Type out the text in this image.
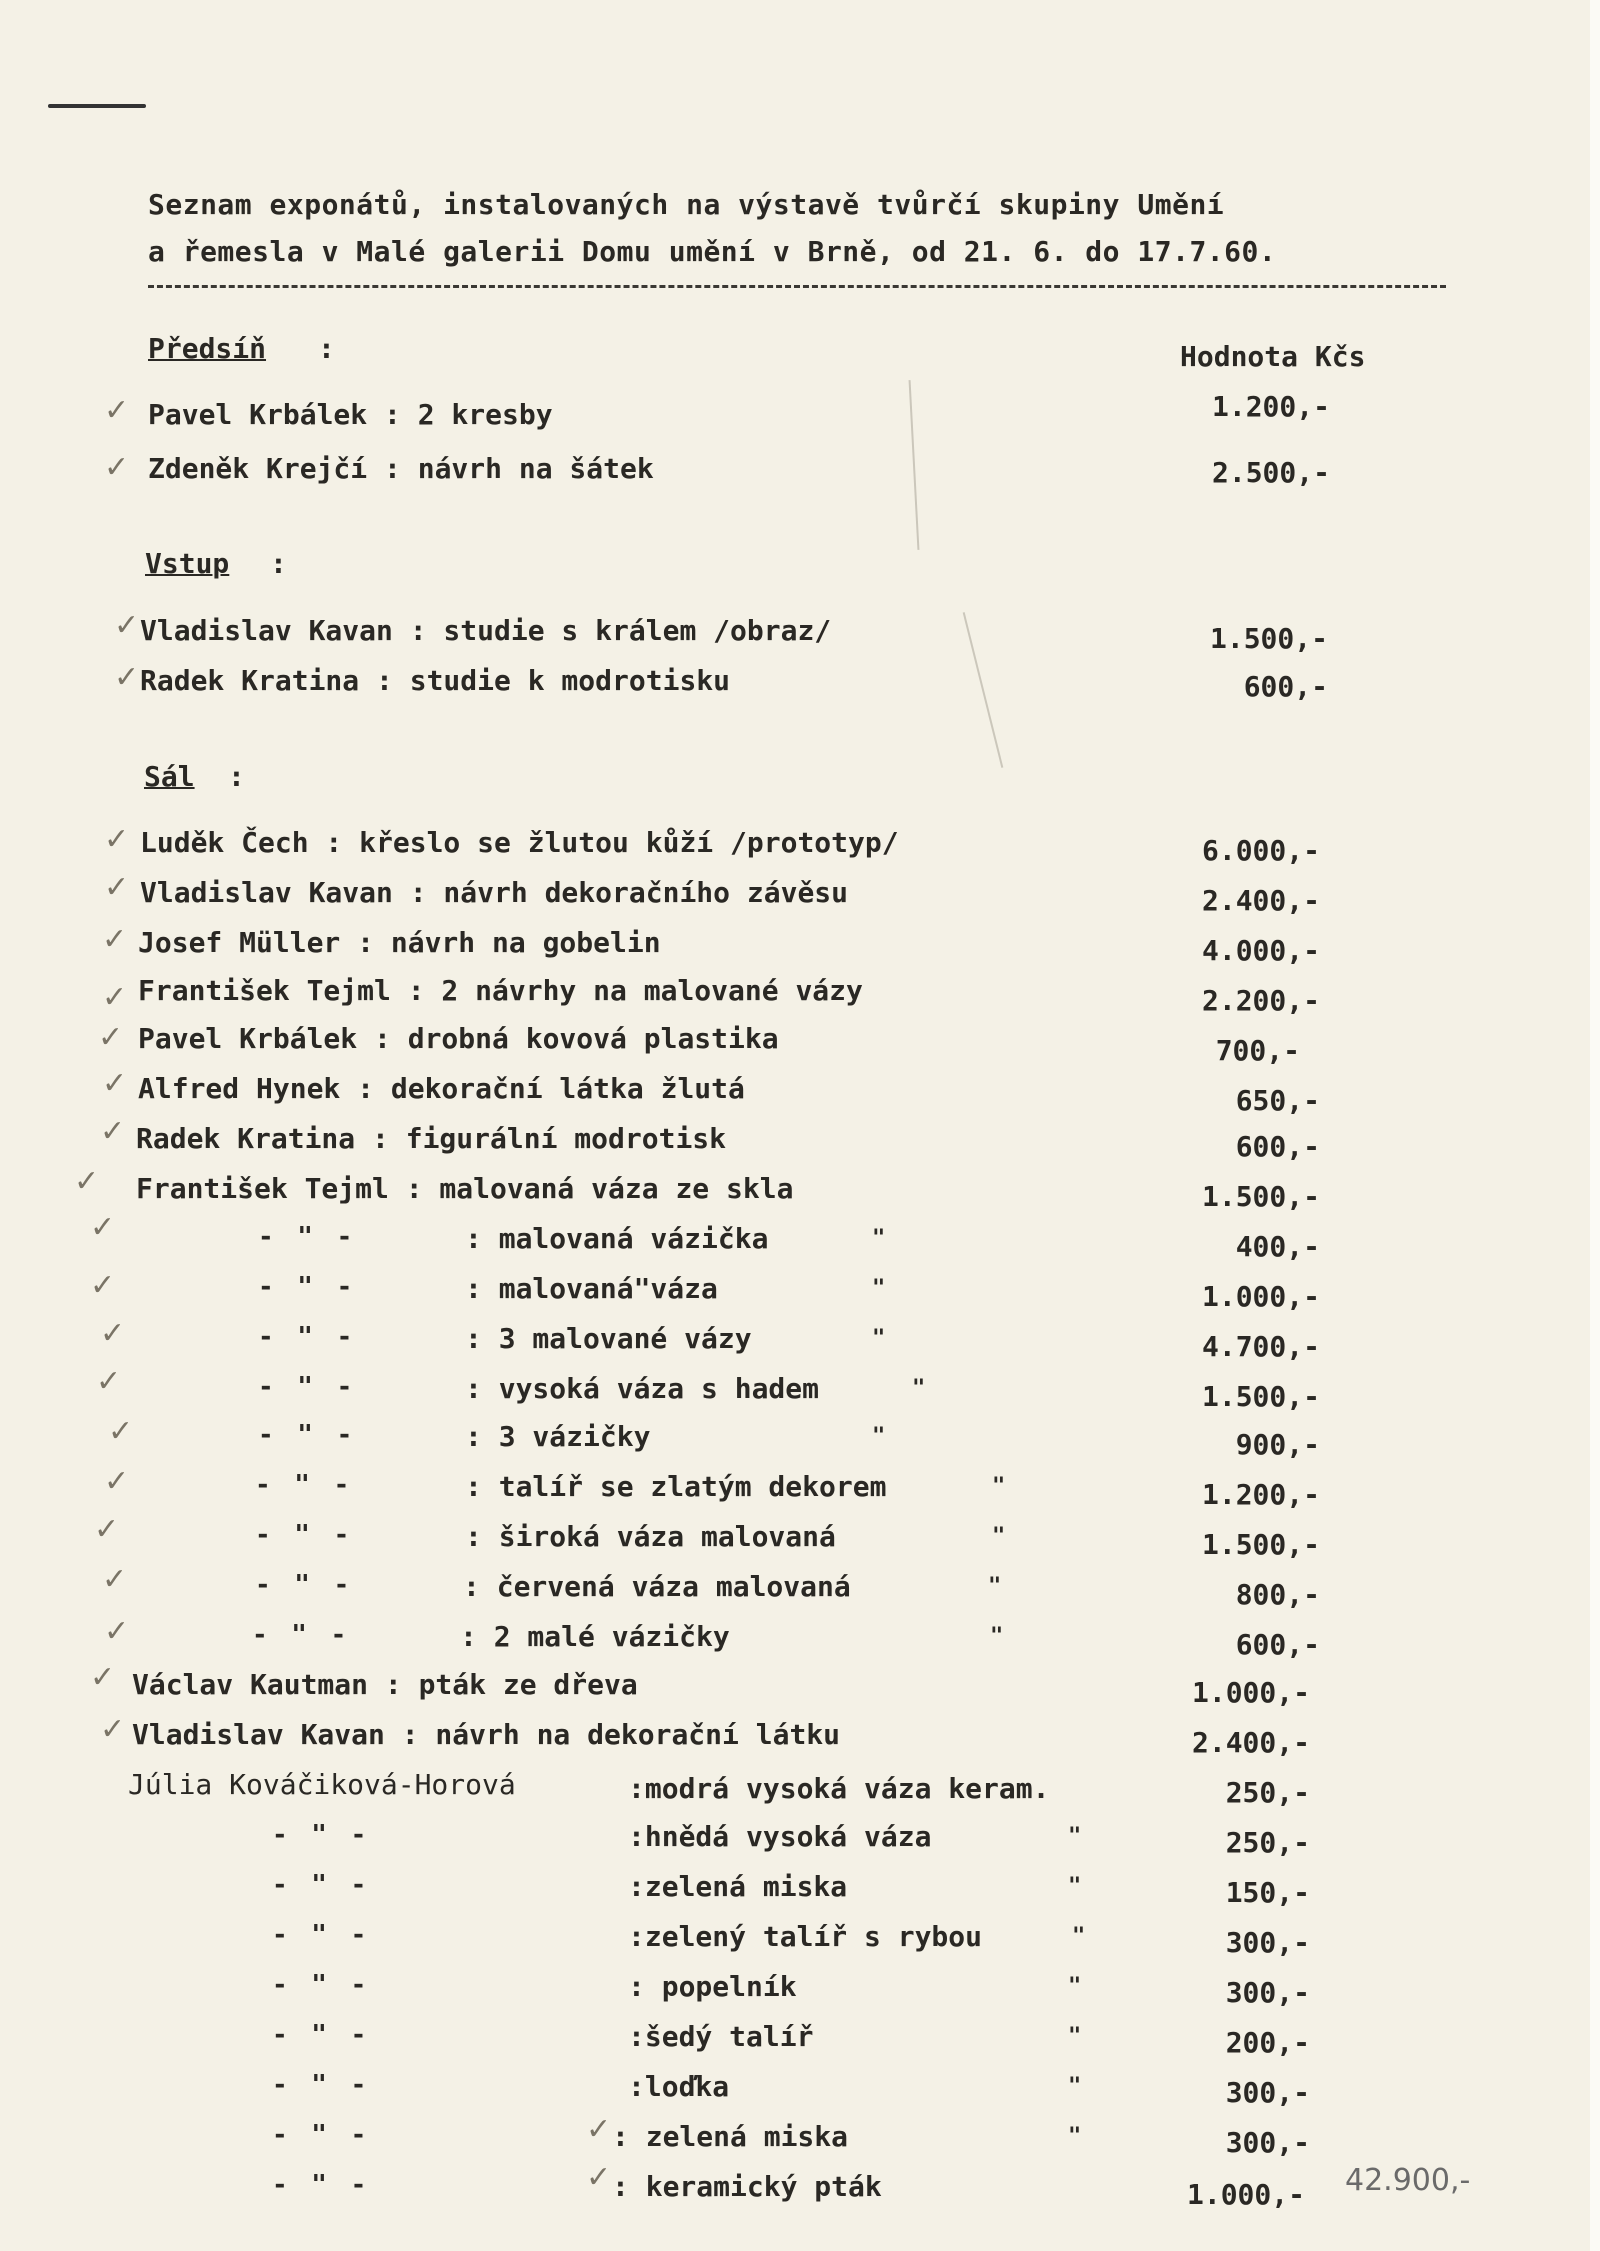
Seznam exponátů, instalovaných na výstavě tvůrčí skupiny Umění
a řemesla v Malé galerii Domu umění v Brně, od 21. 6. do 17.7.60.
Předsíň :	Hodnota Kčs
✓ Pavel Krbálek : 2 kresby	1.200,-
✓ Zdeněk Krejčí : návrh na šátek	2.500,-
Vstup :
✓ Vladislav Kavan : studie s králem /obraz/	1.500,-
✓ Radek Kratina : studie k modrotisku	600,-
Sál :
✓ Luděk Čech : křeslo se žlutou kůží /prototyp/	6.000,-
✓ Vladislav Kavan : návrh dekoračního závěsu	2.400,-
✓ Josef Müller : návrh na gobelin	4.000,-
✓ František Tejml : 2 návrhy na malované vázy	2.200,-
✓ Pavel Krbálek : drobná kovová plastika	700,-
✓ Alfred Hynek : dekorační látka žlutá	650,-
✓ Radek Kratina : figurální modrotisk	600,-
✓ František Tejml : malovaná váza ze skla	1.500,-
✓	- " -	: malovaná vázička	"	400,-
✓	- " -	: malovaná"váza	"	1.000,-
✓	- " -	: 3 malované vázy	"	4.700,-
✓	- " -	: vysoká váza s hadem	"	1.500,-
✓	- " -	: 3 vázičky	"	900,-
✓	- " -	: talíř se zlatým dekorem	"	1.200,-
✓	- " -	: široká váza malovaná	"	1.500,-
✓	- " -	: červená váza malovaná	"	800,-
✓	- " -	: 2 malé vázičky	"	600,-
✓ Václav Kautman : pták ze dřeva	1.000,-
✓ Vladislav Kavan : návrh na dekorační látku	2.400,-
Júlia Kováčiková-Horová	:modrá vysoká váza keram.	250,-
- " -	:hnědá vysoká váza	"	250,-
- " -	:zelená miska	"	150,-
- " -	:zelený talíř s rybou	"	300,-
- " -	: popelník	"	300,-
- " -	:šedý talíř	"	200,-
- " -	:loďka	"	300,-
✓
- " -	: zelená miska	"	300,-
✓
- " -	: keramický pták	1.000,- 42.900,-
